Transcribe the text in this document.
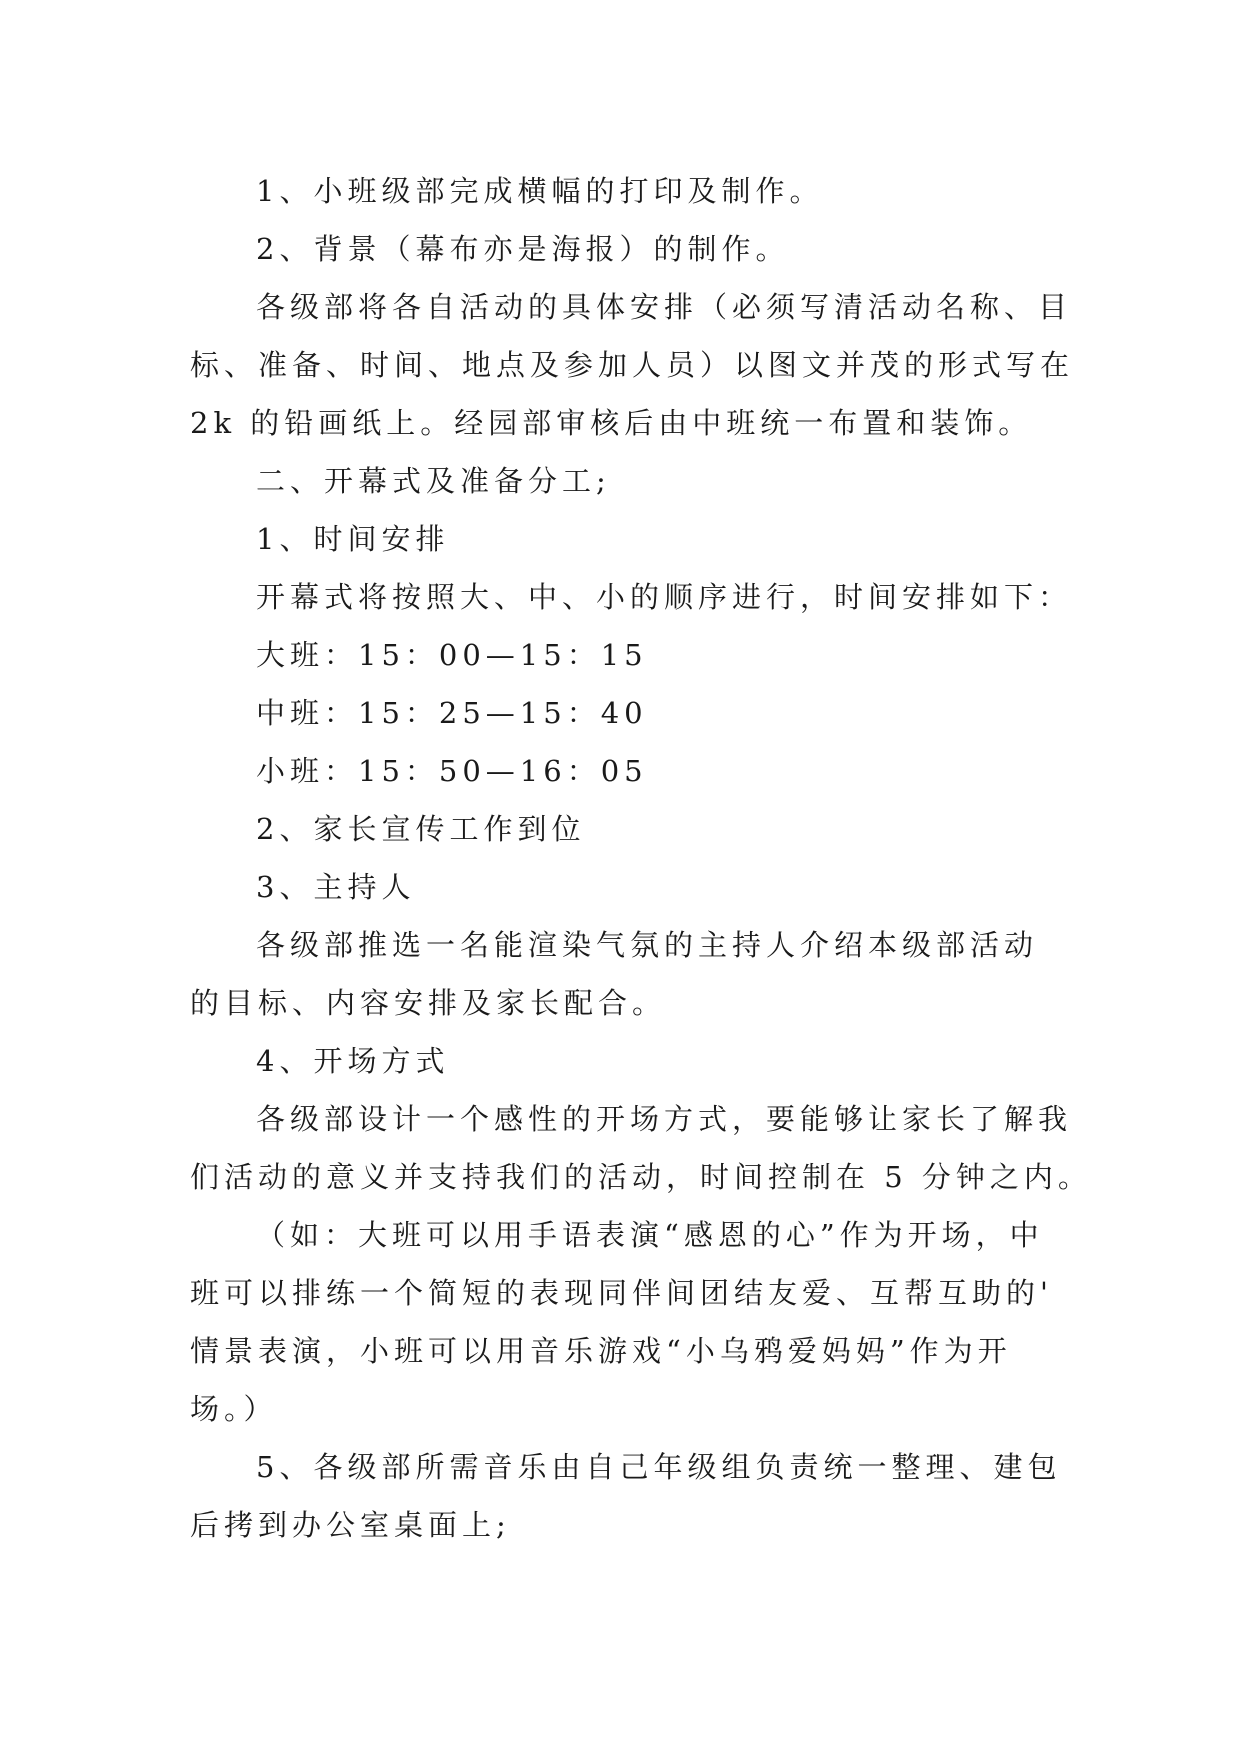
1、小班级部完成横幅的打印及制作。
2、背景（幕布亦是海报）的制作。
各级部将各自活动的具体安排（必须写清活动名称、目
标、准备、时间、地点及参加人员）以图文并茂的形式写在
2k 的铅画纸上。经园部审核后由中班统一布置和装饰。
二、开幕式及准备分工;
1、时间安排
开幕式将按照大、中、小的顺序进行，时间安排如下：
大班：15：00—15：15
中班：15：25—15：40
小班：15：50—16：05
2、家长宣传工作到位
3、主持人
各级部推选一名能渲染气氛的主持人介绍本级部活动
的目标、内容安排及家长配合。
4、开场方式
各级部设计一个感性的开场方式，要能够让家长了解我
们活动的意义并支持我们的活动，时间控制在 5 分钟之内。
（如：大班可以用手语表演“感恩的心”作为开场，中
班可以排练一个简短的表现同伴间团结友爱、互帮互助的'
情景表演，小班可以用音乐游戏“小乌鸦爱妈妈”作为开
场。）
5、各级部所需音乐由自己年级组负责统一整理、建包
后拷到办公室桌面上;
